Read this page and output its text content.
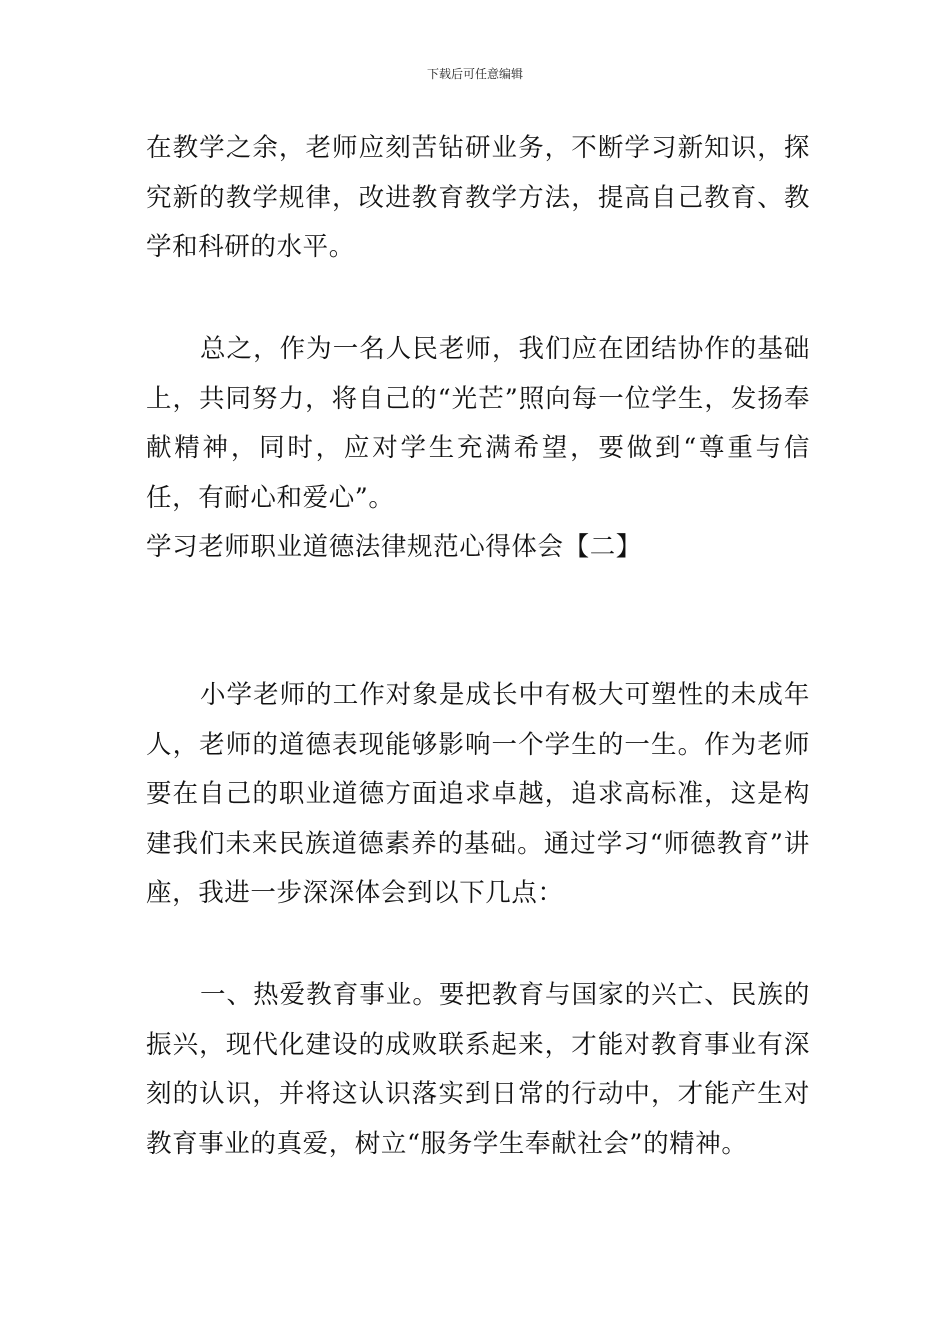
下载后可任意编辑

在教学之余，老师应刻苦钻研业务，不断学习新知识，探究新的教学规律，改进教育教学方法，提高自己教育、教学和科研的水平。

总之，作为一名人民老师，我们应在团结协作的基础上，共同努力，将自己的“光芒”照向每一位学生，发扬奉献精神，同时，应对学生充满希望，要做到“尊重与信任，有耐心和爱心”。

学习老师职业道德法律规范心得体会【二】

小学老师的工作对象是成长中有极大可塑性的未成年人，老师的道德表现能够影响一个学生的一生。作为老师要在自己的职业道德方面追求卓越，追求高标准，这是构建我们未来民族道德素养的基础。通过学习“师德教育”讲座，我进一步深深体会到以下几点：

一、热爱教育事业。要把教育与国家的兴亡、民族的振兴，现代化建设的成败联系起来，才能对教育事业有深刻的认识，并将这认识落实到日常的行动中，才能产生对教育事业的真爱，树立“服务学生奉献社会”的精神。
